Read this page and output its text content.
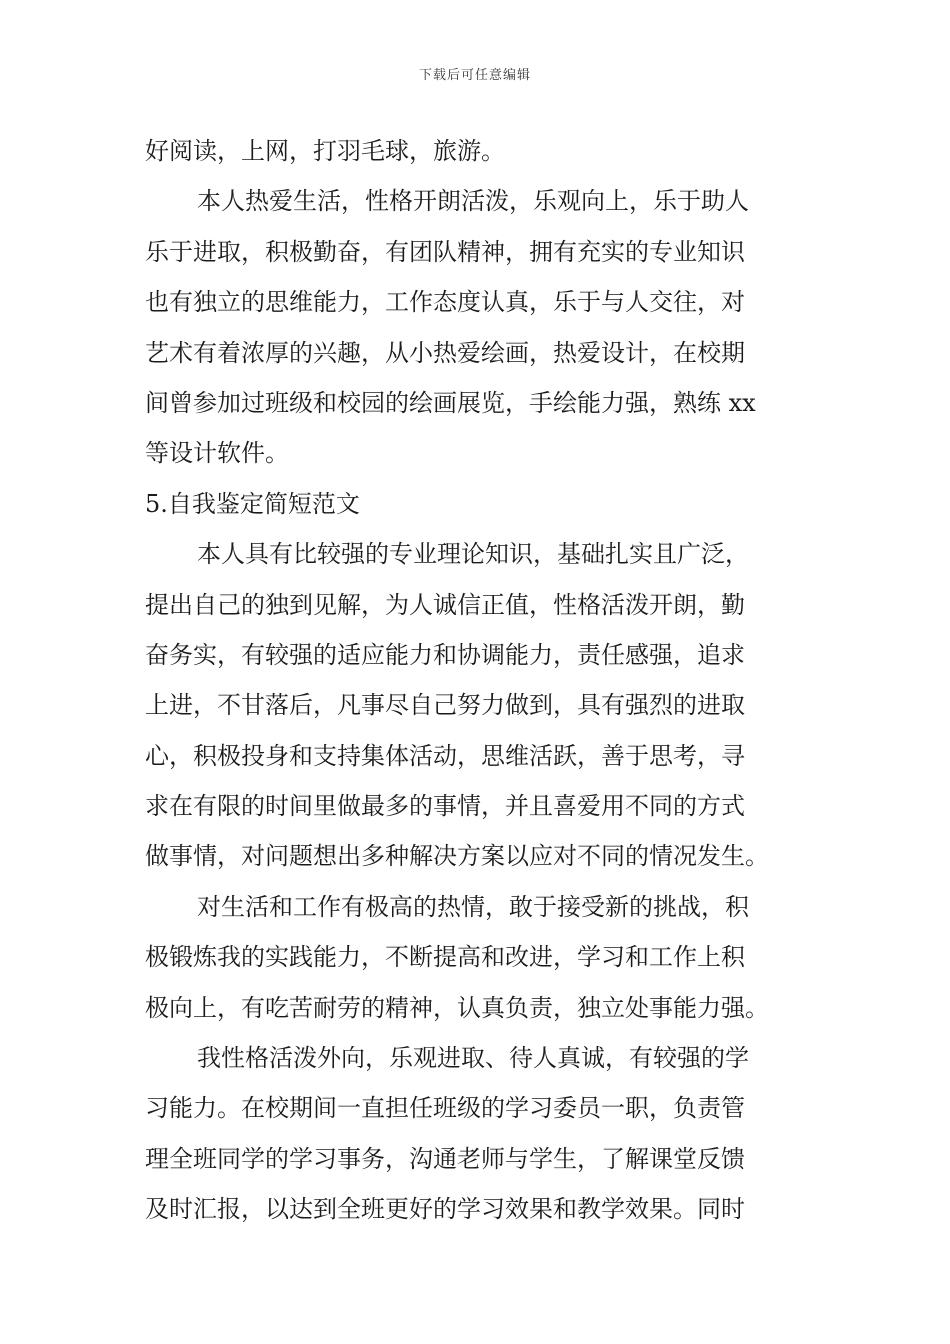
下载后可任意编辑
好阅读，上网，打羽毛球，旅游。
本人热爱生活，性格开朗活泼，乐观向上，乐于助人
乐于进取，积极勤奋，有团队精神，拥有充实的专业知识
也有独立的思维能力，工作态度认真，乐于与人交往，对
艺术有着浓厚的兴趣，从小热爱绘画，热爱设计，在校期
间曾参加过班级和校园的绘画展览，手绘能力强，熟练 xx
等设计软件。
5.自我鉴定简短范文
本人具有比较强的专业理论知识，基础扎实且广泛，
提出自己的独到见解，为人诚信正值，性格活泼开朗，勤
奋务实，有较强的适应能力和协调能力，责任感强，追求
上进，不甘落后，凡事尽自己努力做到，具有强烈的进取
心，积极投身和支持集体活动，思维活跃，善于思考，寻
求在有限的时间里做最多的事情，并且喜爱用不同的方式
做事情，对问题想出多种解决方案以应对不同的情况发生。
对生活和工作有极高的热情，敢于接受新的挑战，积
极锻炼我的实践能力，不断提高和改进，学习和工作上积
极向上，有吃苦耐劳的精神，认真负责，独立处事能力强。
我性格活泼外向，乐观进取、待人真诚，有较强的学
习能力。在校期间一直担任班级的学习委员一职，负责管
理全班同学的学习事务，沟通老师与学生，了解课堂反馈
及时汇报，以达到全班更好的学习效果和教学效果。同时
